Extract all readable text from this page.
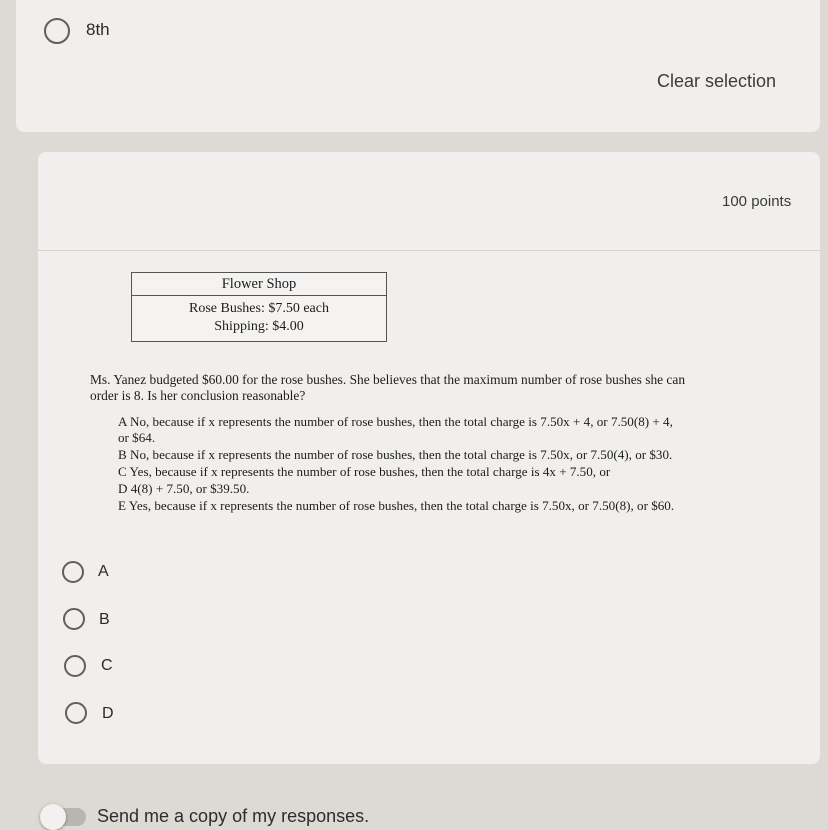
8th
Clear selection
100 points
Flower Shop
Rose Bushes: $7.50 each
Shipping: $4.00
Ms. Yanez budgeted $60.00 for the rose bushes. She believes that the maximum number of rose bushes she can
order is 8. Is her conclusion reasonable?
A No, because if x represents the number of rose bushes, then the total charge is 7.50x + 4, or 7.50(8) + 4,
or $64.
B No, because if x represents the number of rose bushes, then the total charge is 7.50x, or 7.50(4), or $30.
C Yes, because if x represents the number of rose bushes, then the total charge is 4x + 7.50, or
D 4(8) + 7.50, or $39.50.
E Yes, because if x represents the number of rose bushes, then the total charge is 7.50x, or 7.50(8), or $60.
A
B
C
D
Send me a copy of my responses.
